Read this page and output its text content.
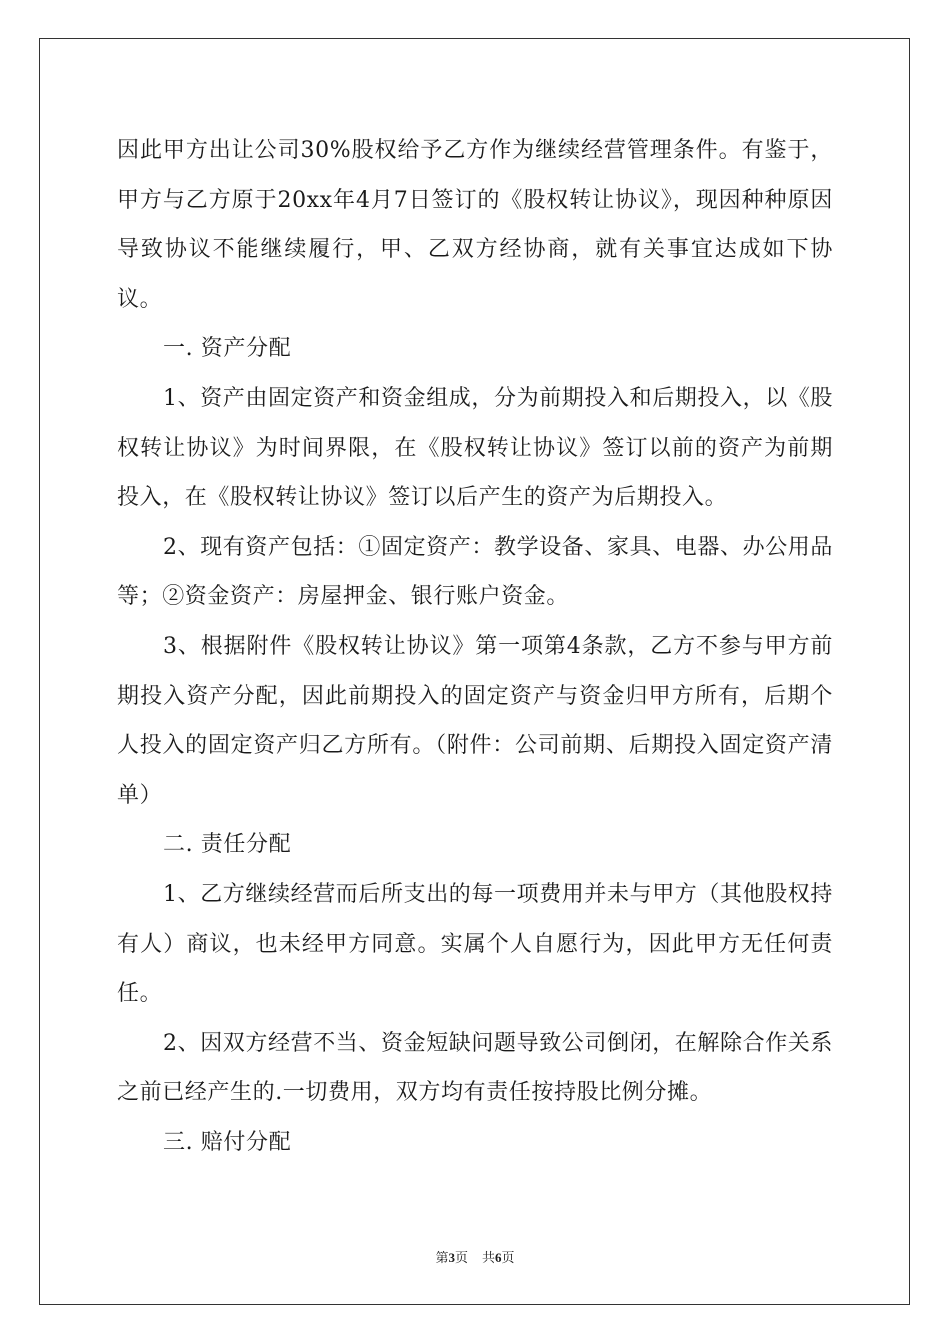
因此甲方出让公司30%股权给予乙方作为继续经营管理条件。有鉴于，甲方与乙方原于20xx年4月7日签订的《股权转让协议》，现因种种原因导致协议不能继续履行，甲、乙双方经协商，就有关事宜达成如下协议。

一. 资产分配

1、资产由固定资产和资金组成，分为前期投入和后期投入，以《股权转让协议》为时间界限，在《股权转让协议》签订以前的资产为前期投入，在《股权转让协议》签订以后产生的资产为后期投入。

2、现有资产包括：①固定资产：教学设备、家具、电器、办公用品等；②资金资产：房屋押金、银行账户资金。

3、根据附件《股权转让协议》第一项第4条款，乙方不参与甲方前期投入资产分配，因此前期投入的固定资产与资金归甲方所有，后期个人投入的固定资产归乙方所有。（附件：公司前期、后期投入固定资产清单）

二. 责任分配

1、乙方继续经营而后所支出的每一项费用并未与甲方（其他股权持有人）商议，也未经甲方同意。实属个人自愿行为，因此甲方无任何责任。

2、因双方经营不当、资金短缺问题导致公司倒闭，在解除合作关系之前已经产生的.一切费用，双方均有责任按持股比例分摊。

三. 赔付分配

第3页 共6页
